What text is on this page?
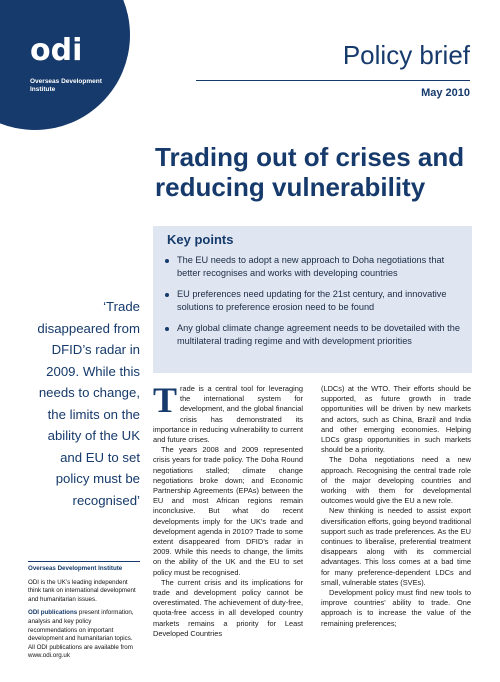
odi
Overseas Development
Institute
Policy brief
May 2010
Trading out of crises and
reducing vulnerability
Key points
The EU needs to adopt a new approach to Doha negotiations that better recognises and works with developing countries
EU preferences need updating for the 21st century, and innovative solutions to preference erosion need to be found
Any global climate change agreement needs to be dovetailed with the multilateral trading regime and with development priorities
‘Trade disappeared from DFID’s radar in 2009. While this needs to change, the limits on the ability of the UK and EU to set policy must be recognised’

Overseas Development Institute

ODI is the UK’s leading independent think tank on international development and humanitarian issues.

ODI publications present information, analysis and key policy recommendations on important development and humanitarian topics. All ODI publications are available from www.odi.org.uk

Trade is a central tool for leveraging the international system for development, and the global financial crisis has demonstrated its importance in reducing vulnerability to current and future crises.

The years 2008 and 2009 represented crisis years for trade policy. The Doha Round negotiations stalled; climate change negotiations broke down; and Economic Partnership Agreements (EPAs) between the EU and most African regions remain inconclusive. But what do recent developments imply for the UK’s trade and development agenda in 2010? Trade to some extent disappeared from DFID’s radar in 2009. While this needs to change, the limits on the ability of the UK and the EU to set policy must be recognised.

The current crisis and its implications for trade and development policy cannot be overestimated. The achievement of duty-free, quota-free access in all developed country markets remains a priority for Least Developed Countries

(LDCs) at the WTO. Their efforts should be supported, as future growth in trade opportunities will be driven by new markets and actors, such as China, Brazil and India and other emerging economies. Helping LDCs grasp opportunities in such markets should be a priority.

The Doha negotiations need a new approach. Recognising the central trade role of the major developing countries and working with them for developmental outcomes would give the EU a new role.

New thinking is needed to assist export diversification efforts, going beyond traditional support such as trade preferences. As the EU continues to liberalise, preferential treatment disappears along with its commercial advantages. This loss comes at a bad time for many preference-dependent LDCs and small, vulnerable states (SVEs).

Development policy must find new tools to improve countries’ ability to trade. One approach is to increase the value of the remaining preferences;
